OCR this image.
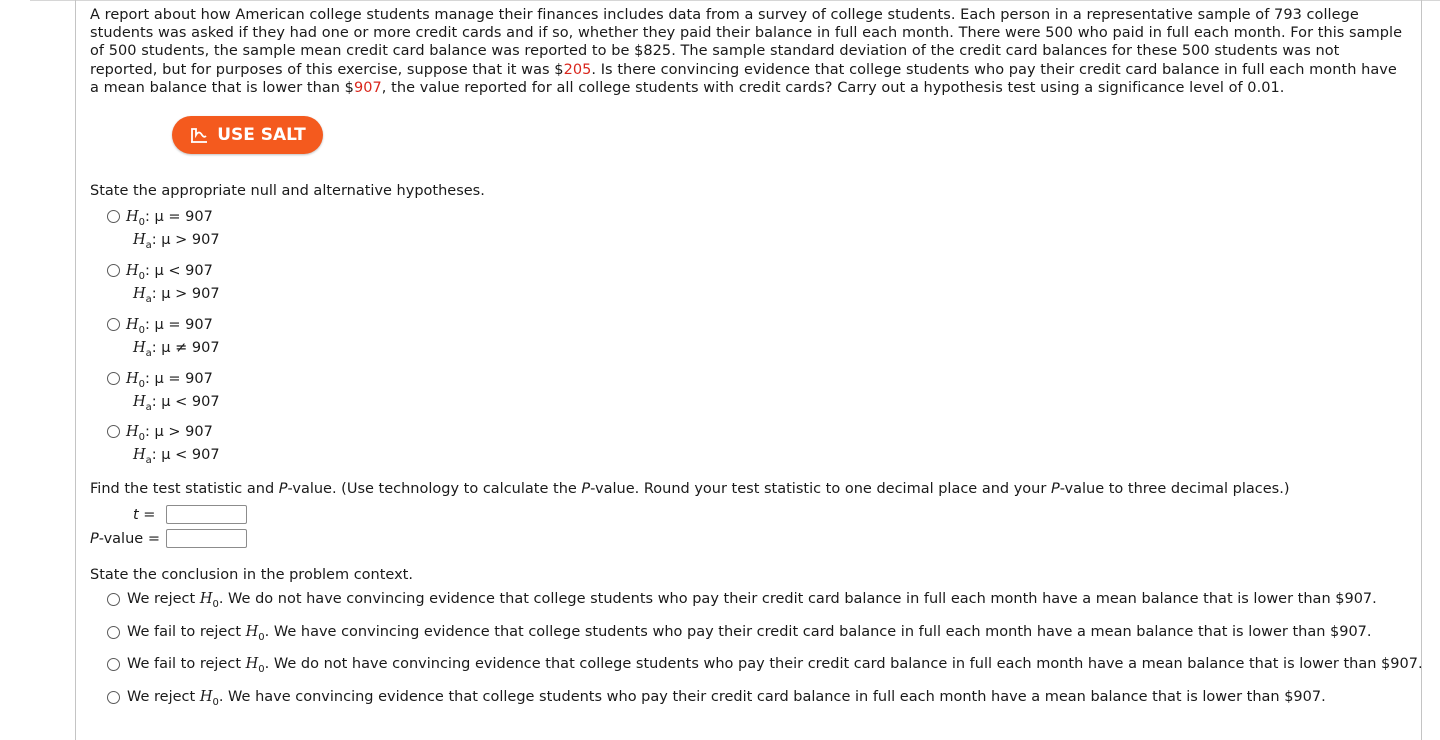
A report about how American college students manage their finances includes data from a survey of college students. Each person in a representative sample of 793 college students was asked if they had one or more credit cards and if so, whether they paid their balance in full each month. There were 500 who paid in full each month. For this sample of 500 students, the sample mean credit card balance was reported to be $825. The sample standard deviation of the credit card balances for these 500 students was not reported, but for purposes of this exercise, suppose that it was $205. Is there convincing evidence that college students who pay their credit card balance in full each month have a mean balance that is lower than $907, the value reported for all college students with credit cards? Carry out a hypothesis test using a significance level of 0.01.
USE SALT
State the appropriate null and alternative hypotheses.
$H_0$: μ = 907
$H_a$: μ > 907
$H_0$: μ < 907
$H_a$: μ > 907
$H_0$: μ = 907
$H_a$: μ ≠ 907
$H_0$: μ = 907
$H_a$: μ < 907
$H_0$: μ > 907
$H_a$: μ < 907
Find the test statistic and P-value. (Use technology to calculate the P-value. Round your test statistic to one decimal place and your P-value to three decimal places.)
t =
P-value =
State the conclusion in the problem context.
We reject $H_0$. We do not have convincing evidence that college students who pay their credit card balance in full each month have a mean balance that is lower than $907.
We fail to reject $H_0$. We have convincing evidence that college students who pay their credit card balance in full each month have a mean balance that is lower than $907.
We fail to reject $H_0$. We do not have convincing evidence that college students who pay their credit card balance in full each month have a mean balance that is lower than $907.
We reject $H_0$. We have convincing evidence that college students who pay their credit card balance in full each month have a mean balance that is lower than $907.
